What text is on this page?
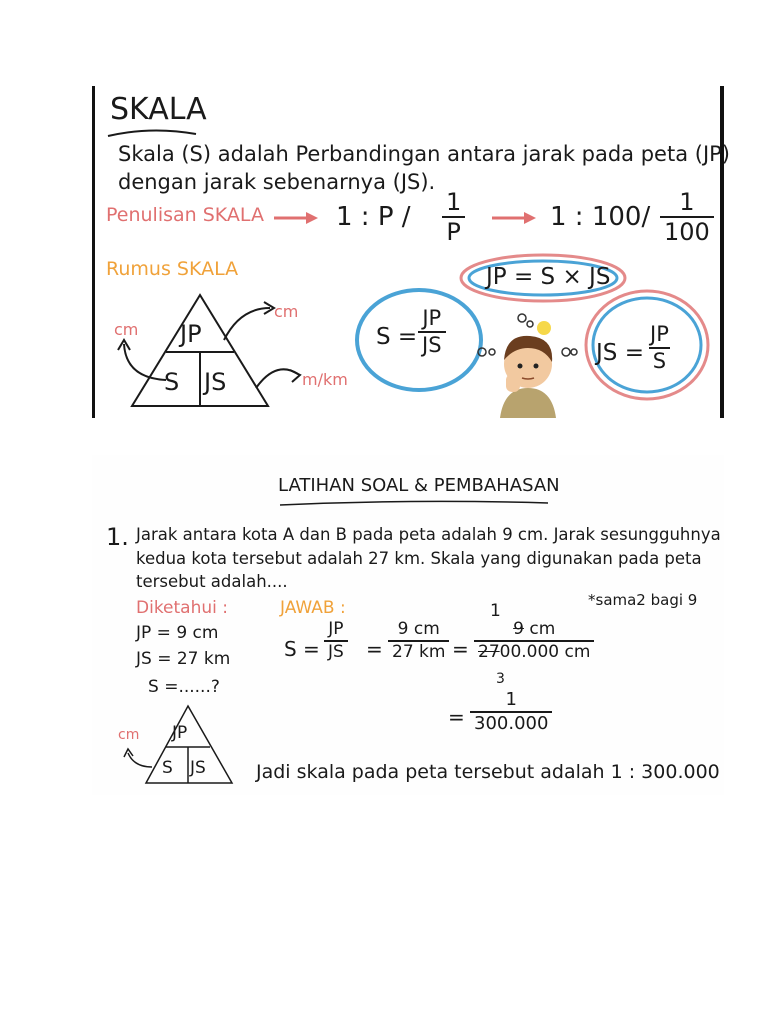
SKALA
Skala (S) adalah Perbandingan antara jarak pada peta (JP)
dengan jarak sebenarnya (JS).
Penulisan SKALA	1 : P / $\frac{1}{P}$	1 : $100/ \frac{1}{100}$
Rumus SKALA
JP
S JS
cm
cm
m/km
JP = S × JS
$S = \frac{JP}{JS}$	JS = $\frac{JP}{S}$
LATIHAN SOAL & PEMBAHASAN
1. Jarak antara kota A dan B pada peta adalah 9 cm. Jarak sesungguhnya
kedua kota tersebut adalah 27 km. Skala yang digunakan pada peta
tersebut adalah....
Diketahui :	JAWAB :	*sama2 bagi 9
JP = 9 cm
JS = 27 km
S =......?
$S = \frac{JP}{JS} = \frac{9 cm}{27 km}$ =
1
$\frac{9 cm}{2700.000 cm}$
3
= $\frac{1}{300.000}$
JP
S JS
cm
Jadi skala pada peta tersebut adalah 1 : 300.000
